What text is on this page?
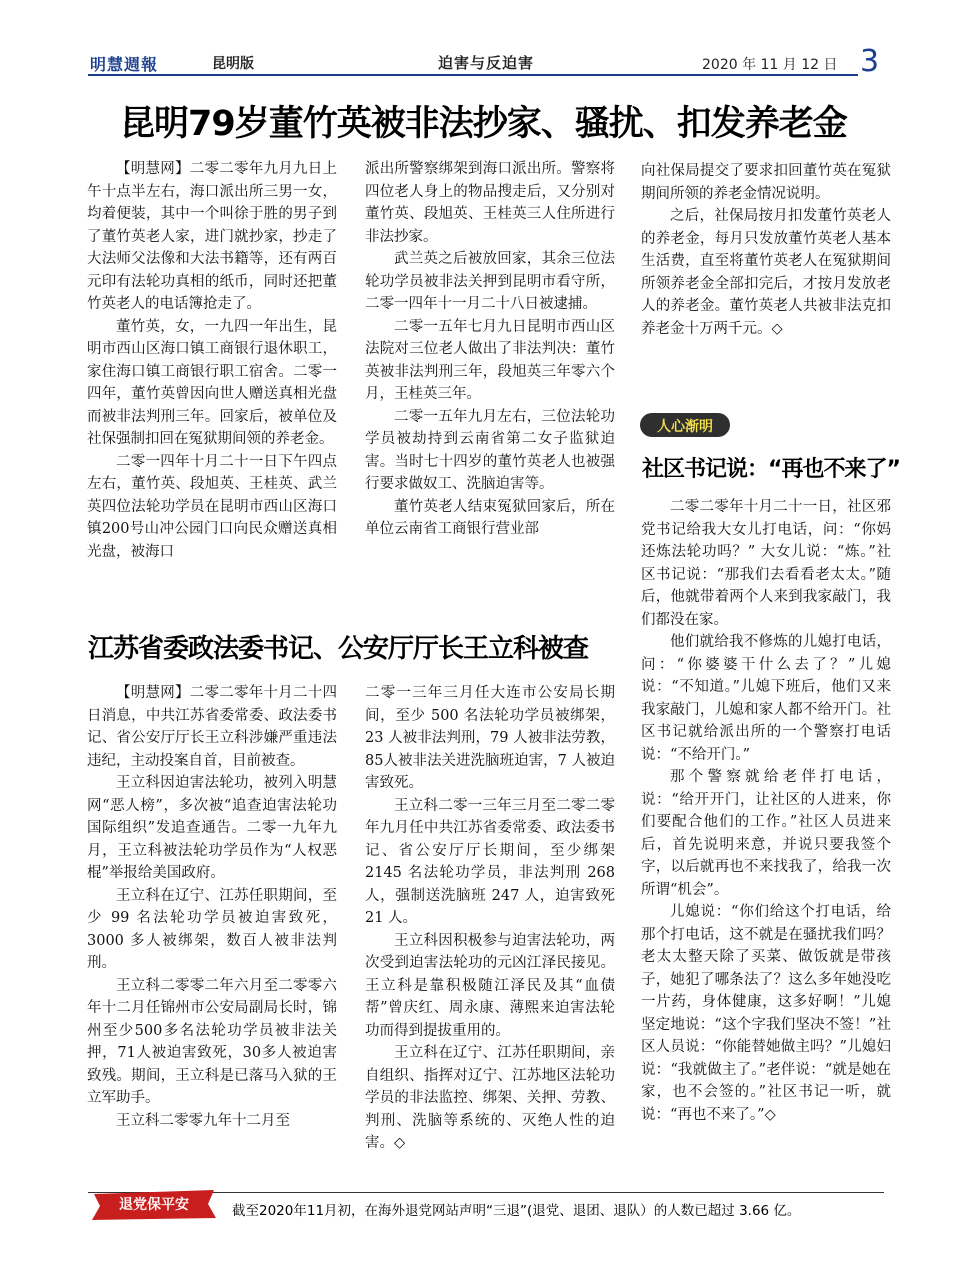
明慧週報	昆明版	迫害与反迫害	2020 年 11 月 12 日 3
昆明79岁董竹英被非法抄家、骚扰、扣发养老金

【明慧网】二零二零年九月九日上午十点半左右，海口派出所三男一女，均着便装，其中一个叫徐于胜的男子到了董竹英老人家，进门就抄家，抄走了大法师父法像和大法书籍等，还有两百元印有法轮功真相的纸币，同时还把董竹英老人的电话簿抢走了。

董竹英，女，一九四一年出生，昆明市西山区海口镇工商银行退休职工，家住海口镇工商银行职工宿舍。二零一四年，董竹英曾因向世人赠送真相光盘而被非法判刑三年。回家后，被单位及社保强制扣回在冤狱期间领的养老金。

二零一四年十月二十一日下午四点左右，董竹英、段旭英、王桂英、武兰英四位法轮功学员在昆明市西山区海口镇200号山冲公园门口向民众赠送真相光盘，被海口

派出所警察绑架到海口派出所。警察将四位老人身上的物品搜走后，又分别对董竹英、段旭英、王桂英三人住所进行非法抄家。

武兰英之后被放回家，其余三位法轮功学员被非法关押到昆明市看守所，二零一四年十一月二十八日被逮捕。

二零一五年七月九日昆明市西山区法院对三位老人做出了非法判决：董竹英被非法判刑三年，段旭英三年零六个月，王桂英三年。

二零一五年九月左右，三位法轮功学员被劫持到云南省第二女子监狱迫害。当时七十四岁的董竹英老人也被强行要求做奴工、洗脑迫害等。

董竹英老人结束冤狱回家后，所在单位云南省工商银行营业部

向社保局提交了要求扣回董竹英在冤狱期间所领的养老金情况说明。

之后，社保局按月扣发董竹英老人的养老金，每月只发放董竹英老人基本生活费，直至将董竹英老人在冤狱期间所领养老金全部扣完后，才按月发放老人的养老金。董竹英老人共被非法克扣养老金十万两千元。◇

人心渐明
社区书记说：“再也不来了”

二零二零年十月二十一日，社区邪党书记给我大女儿打电话，问：“你妈还炼法轮功吗？” 大女儿说：“炼。”社区书记说：“那我们去看看老太太。”随后，他就带着两个人来到我家敲门，我们都没在家。

他们就给我不修炼的儿媳打电话，问：“你婆婆干什么去了？”儿媳说：“不知道。”儿媳下班后，他们又来我家敲门，儿媳和家人都不给开门。社区书记就给派出所的一个警察打电话说：“不给开门。”

那个警察就给老伴打电话，说：“给开开门，让社区的人进来，你们要配合他们的工作。”社区人员进来后，首先说明来意，并说只要我签个字，以后就再也不来找我了，给我一次所谓“机会”。

儿媳说：“你们给这个打电话，给那个打电话，这不就是在骚扰我们吗？老太太整天除了买菜、做饭就是带孩子，她犯了哪条法了？这么多年她没吃一片药，身体健康，这多好啊！”儿媳坚定地说：“这个字我们坚决不签！”社区人员说：“你能替她做主吗？”儿媳妇说：“我就做主了。”老伴说：“就是她在家，也不会签的。”社区书记一听，就说：“再也不来了。”◇

江苏省委政法委书记、公安厅厅长王立科被查

【明慧网】二零二零年十月二十四日消息，中共江苏省委常委、政法委书记、省公安厅厅长王立科涉嫌严重违法违纪，主动投案自首，目前被查。

王立科因迫害法轮功，被列入明慧网“恶人榜”，多次被“追查迫害法轮功国际组织”发追查通告。二零一九年九月，王立科被法轮功学员作为“人权恶棍”举报给美国政府。

王立科在辽宁、江苏任职期间，至少 99 名法轮功学员被迫害致死，3000 多人被绑架，数百人被非法判刑。

王立科二零零二年六月至二零零六年十二月任锦州市公安局副局长时，锦州至少500多名法轮功学员被非法关押，71人被迫害致死，30多人被迫害致残。期间，王立科是已落马入狱的王立军助手。

王立科二零零九年十二月至

二零一三年三月任大连市公安局长期间，至少 500 名法轮功学员被绑架，23 人被非法判刑，79 人被非法劳教，85人被非法关进洗脑班迫害，7 人被迫害致死。

王立科二零一三年三月至二零二零年九月任中共江苏省委常委、政法委书记、省公安厅厅长期间，至少绑架 2145 名法轮功学员，非法判刑 268 人，强制送洗脑班 247 人，迫害致死 21 人。

王立科因积极参与迫害法轮功，两次受到迫害法轮功的元凶江泽民接见。王立科是靠积极随江泽民及其“血债帮”曾庆红、周永康、薄熙来迫害法轮功而得到提拔重用的。

王立科在辽宁、江苏任职期间，亲自组织、指挥对辽宁、江苏地区法轮功学员的非法监控、绑架、关押、劳教、判刑、洗脑等系统的、灭绝人性的迫害。◇

退党保平安	截至2020年11月初，在海外退党网站声明“三退”(退党、退团、退队）的人数已超过 3.66 亿。
